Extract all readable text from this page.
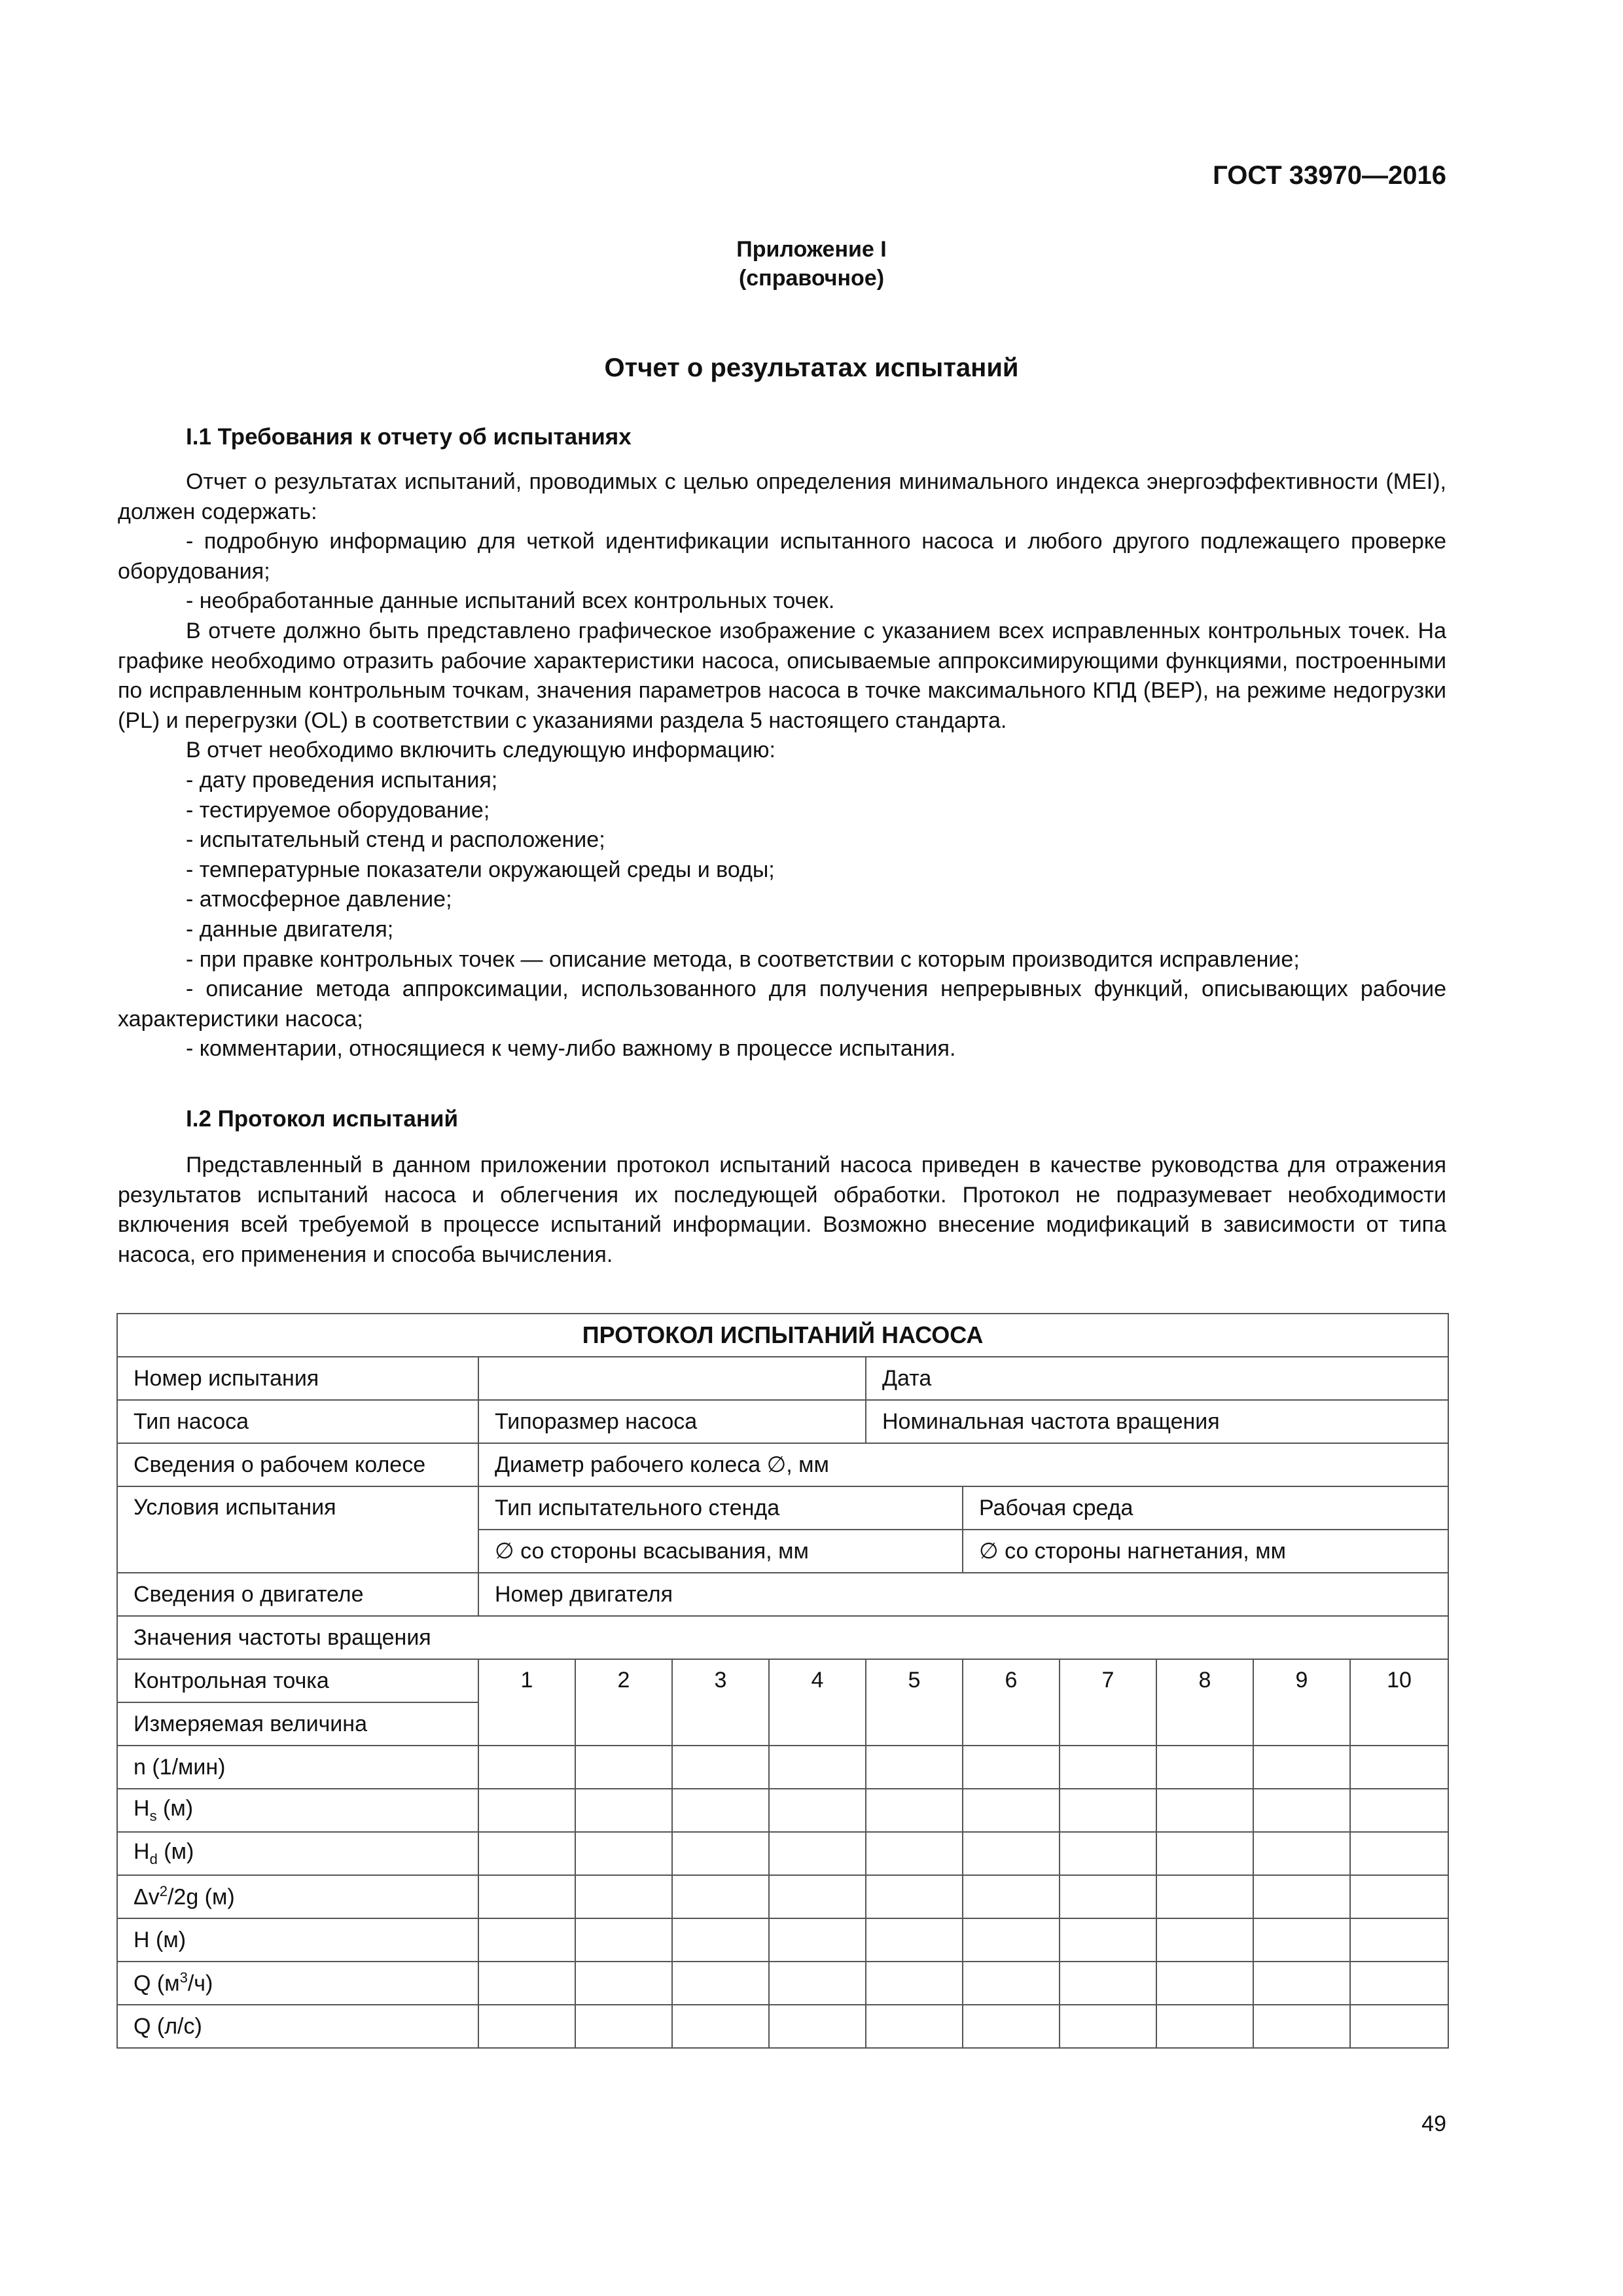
ГОСТ 33970—2016
Приложение I
(справочное)
Отчет о результатах испытаний
I.1 Требования к отчету об испытаниях

Отчет о результатах испытаний, проводимых с целью определения минимального индекса энергоэффективности (MEI), должен содержать:

- подробную информацию для четкой идентификации испытанного насоса и любого другого подлежащего проверке оборудования;

- необработанные данные испытаний всех контрольных точек.

В отчете должно быть представлено графическое изображение с указанием всех исправленных контрольных точек. На графике необходимо отразить рабочие характеристики насоса, описываемые аппроксимирующими функциями, построенными по исправленным контрольным точкам, значения параметров насоса в точке максимального КПД (BEP), на режиме недогрузки (PL) и перегрузки (OL) в соответствии с указаниями раздела 5 настоящего стандарта.

В отчет необходимо включить следующую информацию:

- дату проведения испытания;

- тестируемое оборудование;

- испытательный стенд и расположение;

- температурные показатели окружающей среды и воды;

- атмосферное давление;

- данные двигателя;

- при правке контрольных точек — описание метода, в соответствии с которым производится исправление;

- описание метода аппроксимации, использованного для получения непрерывных функций, описывающих рабочие характеристики насоса;

- комментарии, относящиеся к чему-либо важному в процессе испытания.

I.2 Протокол испытаний

Представленный в данном приложении протокол испытаний насоса приведен в качестве руководства для отражения результатов испытаний насоса и облегчения их последующей обработки. Протокол не подразумевает необходимости включения всей требуемой в процессе испытаний информации. Возможно внесение модификаций в зависимости от типа насоса, его применения и способа вычисления.

ПРОТОКОЛ ИСПЫТАНИЙ НАСОСА										
Номер испытания					Дата					
Тип насоса	Типоразмер насоса				Номинальная частота вращения					
Сведения о рабочем колесе	Диаметр рабочего колеса ∅, мм									
Условия испытания	Тип испытательного стенда					Рабочая среда				
	∅ со стороны всасывания, мм					∅ со стороны нагнетания, мм				
Сведения о двигателе	Номер двигателя									
Значения частоты вращения										
Контрольная точка	1	2	3	4	5	6	7	8	9	10
Измеряемая величина										
n (1/мин)										
$H_s$ (м)										
$H_d$ (м)										
$\Delta v^2/2g$ (м)										
H (м)										
Q $(м^3/ч)$										
Q (л/с)										
49
